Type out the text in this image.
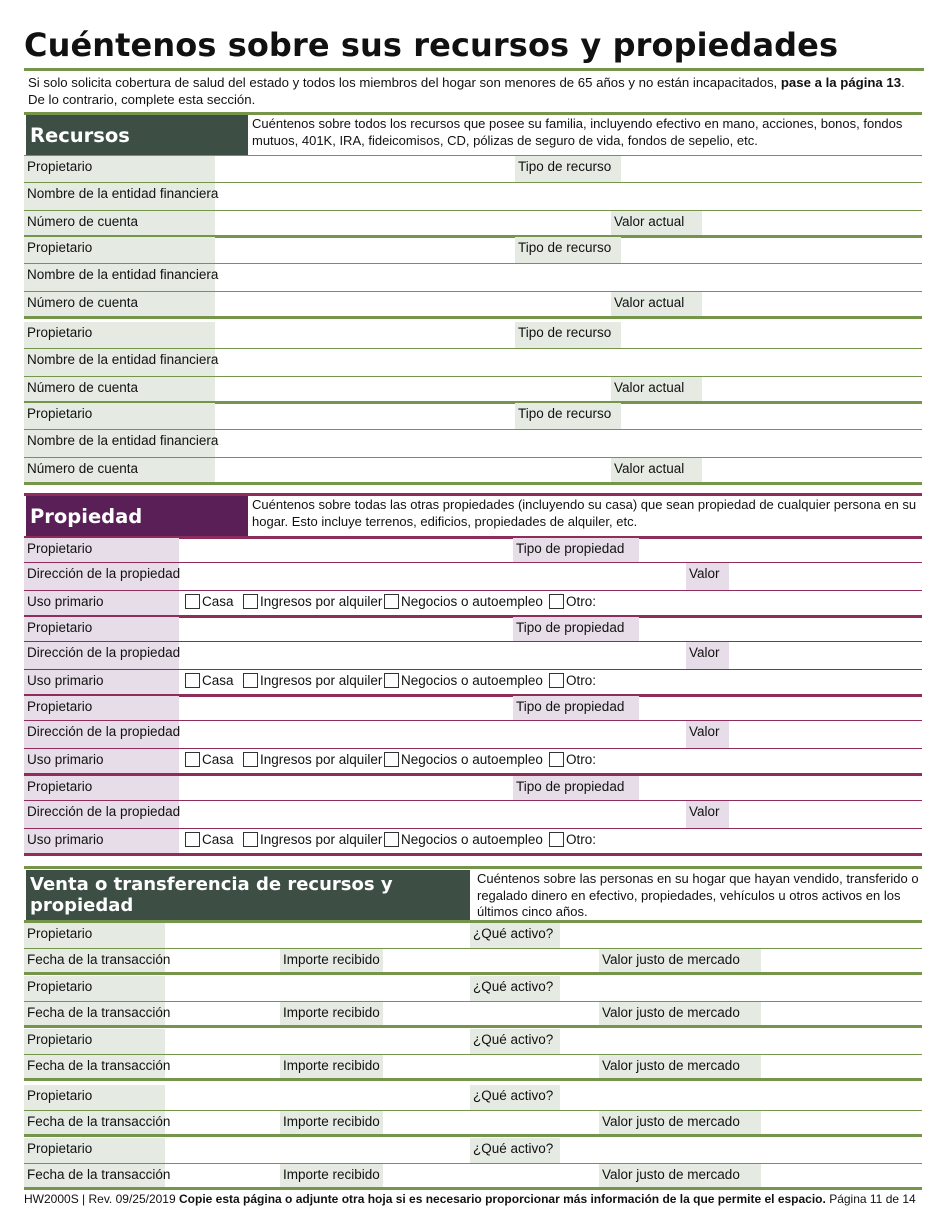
Cuéntenos sobre sus recursos y propiedades
Si solo solicita cobertura de salud del estado y todos los miembros del hogar son menores de 65 años y no están incapacitados, pase a la página 13. De lo contrario, complete esta sección.
Recursos	Cuéntenos sobre todos los recursos que posee su familia, incluyendo efectivo en mano, acciones, bonos, fondos mutuos, 401K, IRA, fideicomisos, CD, pólizas de seguro de vida, fondos de sepelio, etc.
Propietario	Tipo de recurso
Nombre de la entidad financiera
Número de cuenta	Valor actual
Propietario	Tipo de recurso
Nombre de la entidad financiera
Número de cuenta	Valor actual
Propietario	Tipo de recurso
Nombre de la entidad financiera
Número de cuenta	Valor actual
Propietario	Tipo de recurso
Nombre de la entidad financiera
Número de cuenta	Valor actual
Propiedad	Cuéntenos sobre todas las otras propiedades (incluyendo su casa) que sean propiedad de cualquier persona en su hogar. Esto incluye terrenos, edificios, propiedades de alquiler, etc.
Propietario	Tipo de propiedad
Dirección de la propiedad	Valor
Uso primario	Casa	Ingresos por alquiler	Negocios o autoempleo	Otro:
Propietario	Tipo de propiedad
Dirección de la propiedad	Valor
Uso primario	Casa	Ingresos por alquiler	Negocios o autoempleo	Otro:
Propietario	Tipo de propiedad
Dirección de la propiedad	Valor
Uso primario	Casa	Ingresos por alquiler	Negocios o autoempleo	Otro:
Propietario	Tipo de propiedad
Dirección de la propiedad	Valor
Uso primario	Casa	Ingresos por alquiler	Negocios o autoempleo	Otro:
Venta o transferencia de recursos y propiedad
Cuéntenos sobre las personas en su hogar que hayan vendido, transferido o regalado dinero en efectivo, propiedades, vehículos u otros activos en los últimos cinco años.
Propietario	¿Qué activo?
Fecha de la transacción	Importe recibido	Valor justo de mercado
Propietario	¿Qué activo?
Fecha de la transacción	Importe recibido	Valor justo de mercado
Propietario	¿Qué activo?
Fecha de la transacción	Importe recibido	Valor justo de mercado
Propietario	¿Qué activo?
Fecha de la transacción	Importe recibido	Valor justo de mercado
Propietario	¿Qué activo?
Fecha de la transacción	Importe recibido	Valor justo de mercado
HW2000S | Rev. 09/25/2019 Copie esta página o adjunte otra hoja si es necesario proporcionar más información de la que permite el espacio. Página 11 de 14
